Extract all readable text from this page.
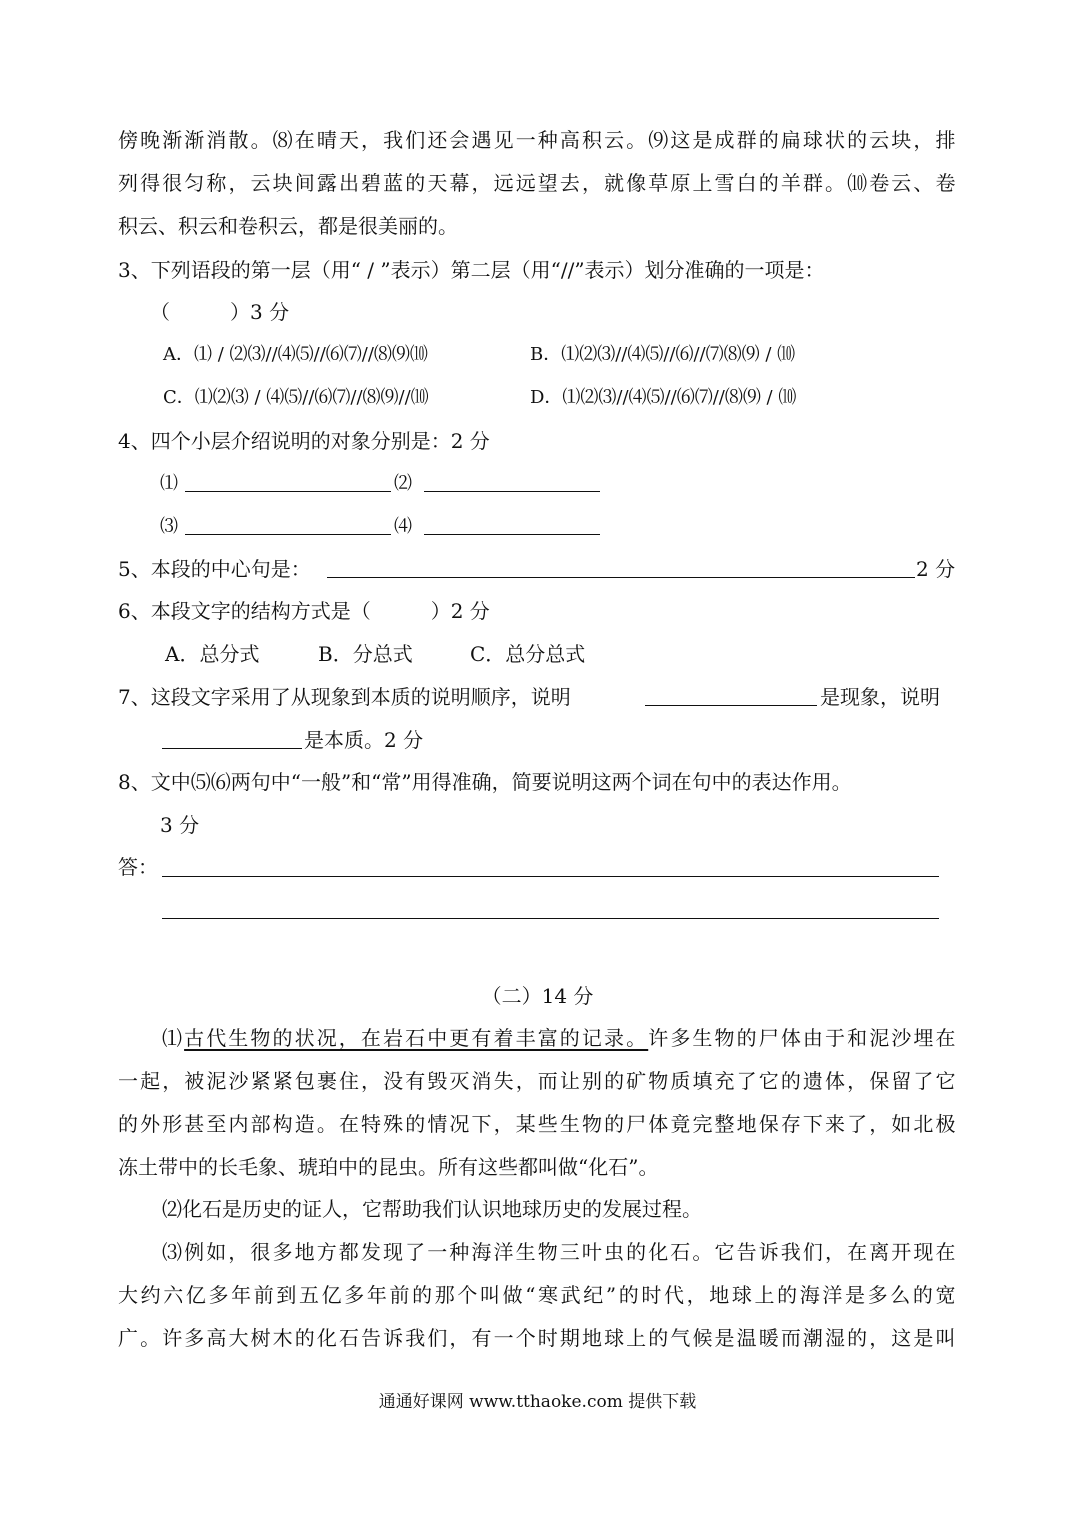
傍晚渐渐消散。⑻在晴天，我们还会遇见一种高积云。⑼这是成群的扁球状的云块，排
列得很匀称，云块间露出碧蓝的天幕，远远望去，就像草原上雪白的羊群。⑽卷云、卷
积云、积云和卷积云，都是很美丽的。
3、下列语段的第一层（用“ / ”表示）第二层（用“//”表示）划分准确的一项是：
（　　　）3 分
A．⑴ / ⑵⑶//⑷⑸//⑹⑺//⑻⑼⑽	B．⑴⑵⑶//⑷⑸//⑹//⑺⑻⑼ / ⑽
C．⑴⑵⑶ / ⑷⑸//⑹⑺//⑻⑼//⑽	D．⑴⑵⑶//⑷⑸//⑹⑺//⑻⑼ / ⑽
4、四个小层介绍说明的对象分别是：2 分
⑴	⑵
⑶	⑷
5、本段的中心句是：	2 分
6、本段文字的结构方式是（　　　）2 分
A．总分式	B．分总式	C．总分总式
7、这段文字采用了从现象到本质的说明顺序，说明	是现象，说明
是本质。2 分
8、文中⑸⑹两句中“一般”和“常”用得准确，简要说明这两个词在句中的表达作用。
3 分
答：
（二）14 分
⑴古代生物的状况，在岩石中更有着丰富的记录。许多生物的尸体由于和泥沙埋在
一起，被泥沙紧紧包裹住，没有毁灭消失，而让别的矿物质填充了它的遗体，保留了它
的外形甚至内部构造。在特殊的情况下，某些生物的尸体竟完整地保存下来了，如北极
冻土带中的长毛象、琥珀中的昆虫。所有这些都叫做“化石”。
⑵化石是历史的证人，它帮助我们认识地球历史的发展过程。
⑶例如，很多地方都发现了一种海洋生物三叶虫的化石。它告诉我们，在离开现在
大约六亿多年前到五亿多年前的那个叫做“寒武纪”的时代，地球上的海洋是多么的宽
广。许多高大树木的化石告诉我们，有一个时期地球上的气候是温暖而潮湿的，这是叫
通通好课网 www.tthaoke.com 提供下载
